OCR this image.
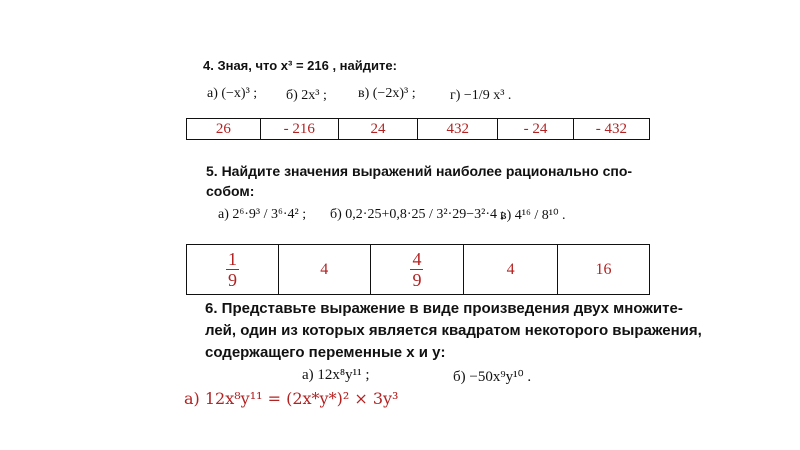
4. Зная, что x³ = 216 , найдите:
а) (−x)³ ; б) 2x³ ; в) (−2x)³ ; г) −1/9 x³ .
26	- 216	24	432	- 24	- 432
5. Найдите значения выражений наиболее рационально спо-
собом:
а) 2⁶·9³ / 3⁶·4² ; б) 0,2·25+0,8·25 / 3²·29−3²·4 ;
в) 4¹⁶ / 8¹⁰ .
$\frac{1}{9}$	4	$\frac{4}{9}$	4	16
6. Представьте выражение в виде произведения двух множите-
лей, один из которых является квадратом некоторого выражения,
содержащего переменные x и y:
а) 12x⁸y¹¹ ;	б) −50x⁹y¹⁰ .
а) 12x⁸y¹¹ = (2x*y*)² × 3y³
